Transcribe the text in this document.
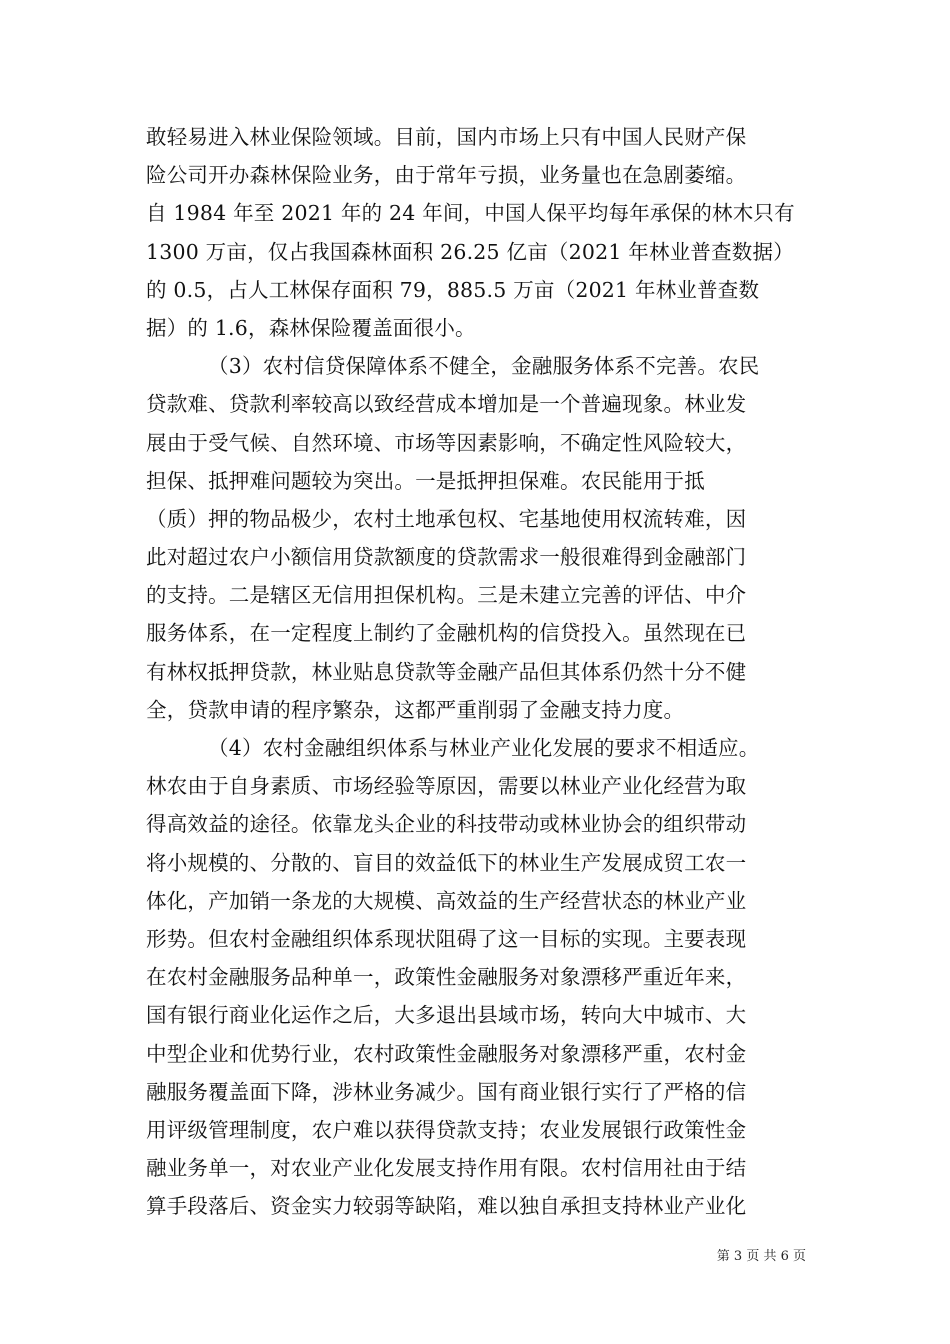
敢轻易进入林业保险领域。目前，国内市场上只有中国人民财产保
险公司开办森林保险业务，由于常年亏损，业务量也在急剧萎缩。
自 1984 年至 2021 年的 24 年间，中国人保平均每年承保的林木只有
1300 万亩，仅占我国森林面积 26.25 亿亩（2021 年林业普查数据）
的 0.5，占人工林保存面积 79，885.5 万亩（2021 年林业普查数
据）的 1.6，森林保险覆盖面很小。
（3）农村信贷保障体系不健全，金融服务体系不完善。农民
贷款难、贷款利率较高以致经营成本增加是一个普遍现象。林业发
展由于受气候、自然环境、市场等因素影响，不确定性风险较大，
担保、抵押难问题较为突出。一是抵押担保难。农民能用于抵
（质）押的物品极少，农村土地承包权、宅基地使用权流转难，因
此对超过农户小额信用贷款额度的贷款需求一般很难得到金融部门
的支持。二是辖区无信用担保机构。三是未建立完善的评估、中介
服务体系，在一定程度上制约了金融机构的信贷投入。虽然现在已
有林权抵押贷款，林业贴息贷款等金融产品但其体系仍然十分不健
全，贷款申请的程序繁杂，这都严重削弱了金融支持力度。
（4）农村金融组织体系与林业产业化发展的要求不相适应。
林农由于自身素质、市场经验等原因，需要以林业产业化经营为取
得高效益的途径。依靠龙头企业的科技带动或林业协会的组织带动
将小规模的、分散的、盲目的效益低下的林业生产发展成贸工农一
体化，产加销一条龙的大规模、高效益的生产经营状态的林业产业
形势。但农村金融组织体系现状阻碍了这一目标的实现。主要表现
在农村金融服务品种单一，政策性金融服务对象漂移严重近年来，
国有银行商业化运作之后，大多退出县域市场，转向大中城市、大
中型企业和优势行业，农村政策性金融服务对象漂移严重，农村金
融服务覆盖面下降，涉林业务减少。国有商业银行实行了严格的信
用评级管理制度，农户难以获得贷款支持；农业发展银行政策性金
融业务单一，对农业产业化发展支持作用有限。农村信用社由于结
算手段落后、资金实力较弱等缺陷，难以独自承担支持林业产业化
第 3 页 共 6 页
